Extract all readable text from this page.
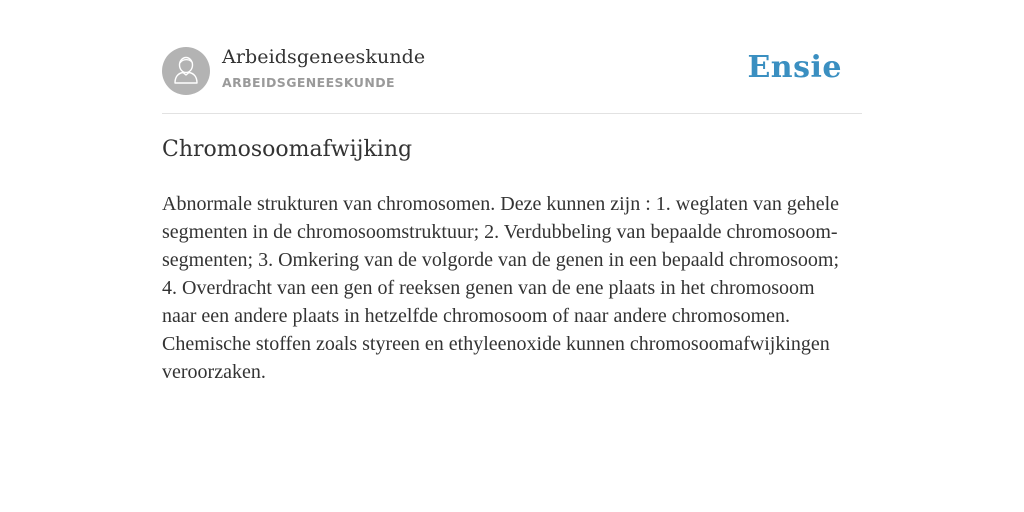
Arbeidsgeneeskunde
ARBEIDSGENEESKUNDE	Ensie
Chromosoomafwijking

Abnormale strukturen van chromosomen. Deze kunnen zijn : 1. weglaten van gehele segmenten in de chromosoomstruktuur; 2. Verdubbeling van bepaalde chromosoom-segmenten; 3. Omkering van de volgorde van de genen in een bepaald chromosoom; 4. Overdracht van een gen of reeksen genen van de ene plaats in het chromosoom naar een andere plaats in hetzelfde chromosoom of naar andere chromosomen. Chemische stoffen zoals styreen en ethyleenoxide kunnen chromosoomafwijkingen veroorzaken.
